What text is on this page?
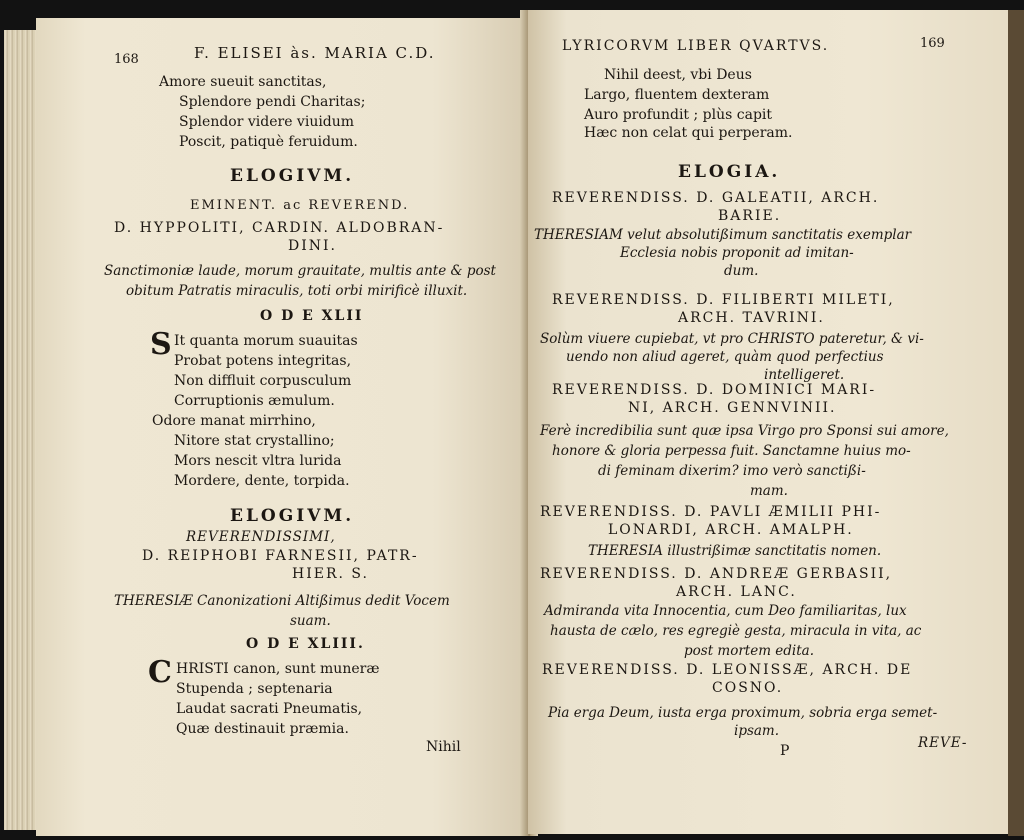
168	F. ELISEI às. MARIA C.D.
Amore sueuit sanctitas,
Splendore pendi Charitas;
Splendor videre viuidum
Poscit, patiquè feruidum.
ELOGIVM.
EMINENT. ac REVEREND.
D. HYPPOLITI, CARDIN. ALDOBRAN-
DINI.
Sanctimoniæ laude, morum grauitate, multis ante & post
obitum Patratis miraculis, toti orbi mirificè illuxit.
O D E XLII
S It quanta morum suauitas
Probat potens integritas,
Non diffluit corpusculum
Corruptionis æmulum.
Odore manat mirrhino,
Nitore stat crystallino;
Mors nescit vltra lurida
Mordere, dente, torpida.
ELOGIVM.
REVERENDISSIMI,
D. REIPHOBI FARNESII, PATR-
HIER. S.
THERESIÆ Canonizationi Altißimus dedit Vocem
suam.
O D E XLIII.
C HRISTI canon, sunt muneræ
Stupenda ; septenaria
Laudat sacrati Pneumatis,
Quæ destinauit præmia.
Nihil
LYRICORVM LIBER QVARTVS.	169
Nihil deest, vbi Deus
Largo, fluentem dexteram
Auro profundit ; plùs capit
Hæc non celat qui perperam.
ELOGIA.
REVERENDISS. D. GALEATII, ARCH.
BARIE.
THERESIAM velut absolutißimum sanctitatis exemplar
Ecclesia nobis proponit ad imitan-
dum.
REVERENDISS. D. FILIBERTI MILETI,
ARCH. TAVRINI.
Solùm viuere cupiebat, vt pro CHRISTO pateretur, & vi-
uendo non aliud ageret, quàm quod perfectius
intelligeret.
REVERENDISS. D. DOMINICI MARI-
NI, ARCH. GENNVINII.
Ferè incredibilia sunt quæ ipsa Virgo pro Sponsi sui amore,
honore & gloria perpessa fuit. Sanctamne huius mo-
di feminam dixerim? imo verò sanctißi-
mam.
REVERENDISS. D. PAVLI ÆMILII PHI-
LONARDI, ARCH. AMALPH.
THERESIA illustrißimæ sanctitatis nomen.
REVERENDISS. D. ANDREÆ GERBASII,
ARCH. LANC.
Admiranda vita Innocentia, cum Deo familiaritas, lux
hausta de cælo, res egregiè gesta, miracula in vita, ac
post mortem edita.
REVERENDISS. D. LEONISSÆ, ARCH. DE
COSNO.
Pia erga Deum, iusta erga proximum, sobria erga semet-
ipsam.
P	REVE-
